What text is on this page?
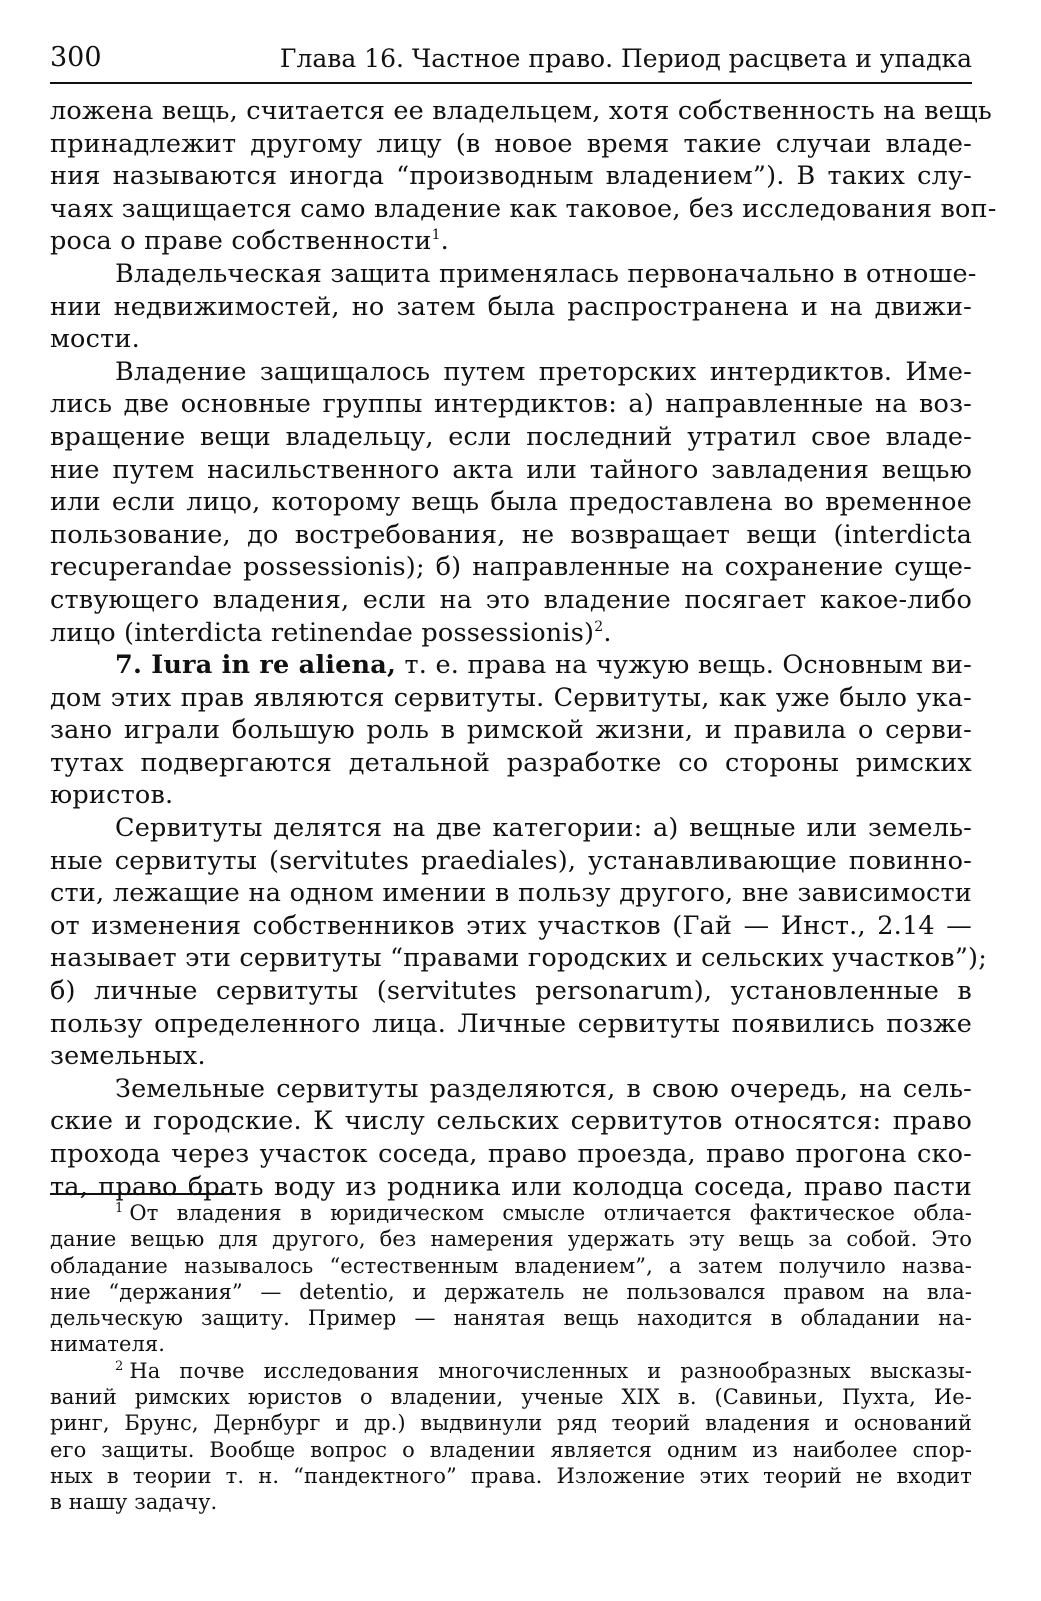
300	Глава 16. Частное право. Период расцвета и упадка
ложена вещь, считается ее владельцем, хотя собственность на вещь
принадлежит другому лицу (в новое время такие случаи владе-
ния называются иногда “производным владением”). В таких слу-
чаях защищается само владение как таковое, без исследования воп-
роса о праве собственности$^1$.
Владельческая защита применялась первоначально в отноше-
нии недвижимостей, но затем была распространена и на движи-
мости.
Владение защищалось путем преторских интердиктов. Име-
лись две основные группы интердиктов: а) направленные на воз-
вращение вещи владельцу, если последний утратил свое владе-
ние путем насильственного акта или тайного завладения вещью
или если лицо, которому вещь была предоставлена во временное
пользование, до востребования, не возвращает вещи (interdicta
recuperandae possessionis); б) направленные на сохранение суще-
ствующего владения, если на это владение посягает какое-либо
лицо (interdicta retinendae possessionis)$^2$.
7. Iura in re aliena, т. е. права на чужую вещь. Основным ви-
дом этих прав являются сервитуты. Сервитуты, как уже было ука-
зано играли большую роль в римской жизни, и правила о серви-
тутах подвергаются детальной разработке со стороны римских
юристов.
Сервитуты делятся на две категории: а) вещные или земель-
ные сервитуты (servitutes praediales), устанавливающие повинно-
сти, лежащие на одном имении в пользу другого, вне зависимости
от изменения собственников этих участков (Гай — Инст., 2.14 —
называет эти сервитуты “правами городских и сельских участков”);
б) личные сервитуты (servitutes personarum), установленные в
пользу определенного лица. Личные сервитуты появились позже
земельных.
Земельные сервитуты разделяются, в свою очередь, на сель-
ские и городские. К числу сельских сервитутов относятся: право
прохода через участок соседа, право проезда, право прогона ско-
та, право брать воду из родника или колодца соседа, право пасти
$^1$ От владения в юридическом смысле отличается фактическое обла-
дание вещью для другого, без намерения удержать эту вещь за собой. Это
обладание называлось “естественным владением”, а затем получило назва-
ние “держания” — detentio, и держатель не пользовался правом на вла-
дельческую защиту. Пример — нанятая вещь находится в обладании на-
нимателя.
$^2$ На почве исследования многочисленных и разнообразных высказы-
ваний римских юристов о владении, ученые XIX в. (Савиньи, Пухта, Ие-
ринг, Брунс, Дернбург и др.) выдвинули ряд теорий владения и оснований
его защиты. Вообще вопрос о владении является одним из наиболее спор-
ных в теории т. н. “пандектного” права. Изложение этих теорий не входит
в нашу задачу.
